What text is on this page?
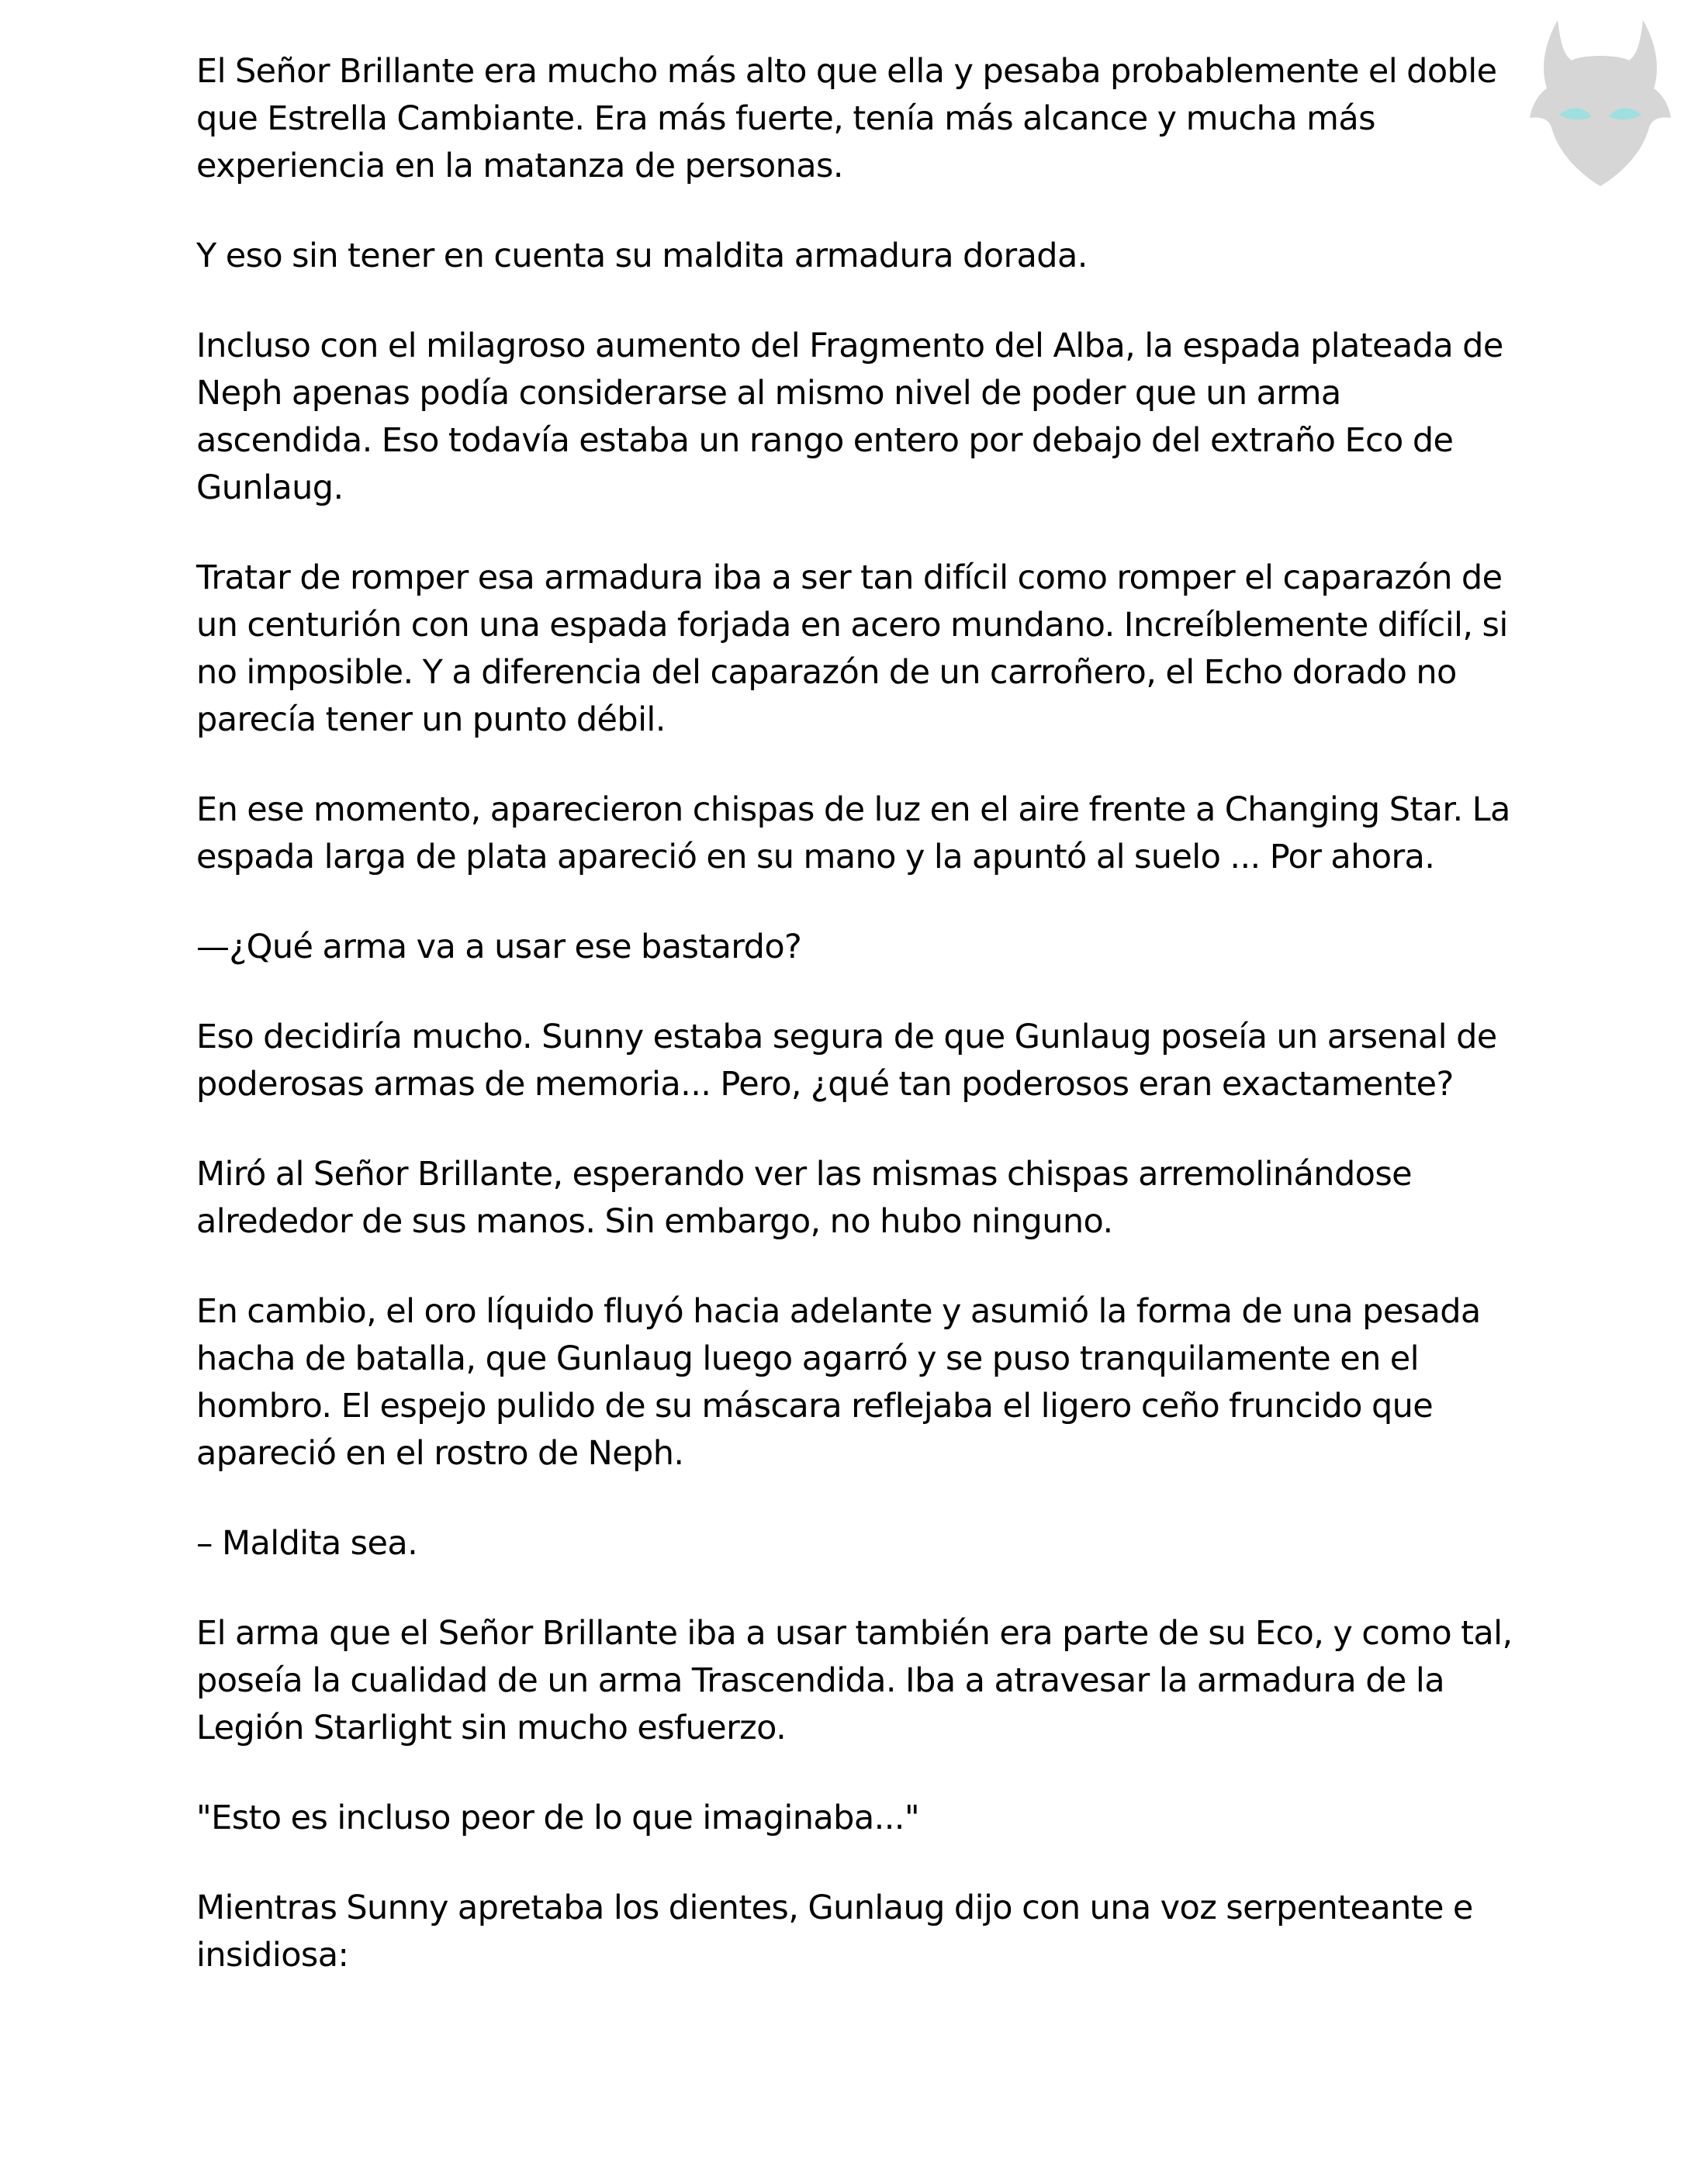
El Señor Brillante era mucho más alto que ella y pesaba probablemente el doble que Estrella Cambiante. Era más fuerte, tenía más alcance y mucha más experiencia en la matanza de personas.

Y eso sin tener en cuenta su maldita armadura dorada.

Incluso con el milagroso aumento del Fragmento del Alba, la espada plateada de Neph apenas podía considerarse al mismo nivel de poder que un arma ascendida. Eso todavía estaba un rango entero por debajo del extraño Eco de Gunlaug.

Tratar de romper esa armadura iba a ser tan difícil como romper el caparazón de un centurión con una espada forjada en acero mundano. Increíblemente difícil, si no imposible. Y a diferencia del caparazón de un carroñero, el Echo dorado no parecía tener un punto débil.

En ese momento, aparecieron chispas de luz en el aire frente a Changing Star. La espada larga de plata apareció en su mano y la apuntó al suelo ... Por ahora.

—¿Qué arma va a usar ese bastardo?

Eso decidiría mucho. Sunny estaba segura de que Gunlaug poseía un arsenal de poderosas armas de memoria... Pero, ¿qué tan poderosos eran exactamente?

Miró al Señor Brillante, esperando ver las mismas chispas arremolinándose alrededor de sus manos. Sin embargo, no hubo ninguno.

En cambio, el oro líquido fluyó hacia adelante y asumió la forma de una pesada hacha de batalla, que Gunlaug luego agarró y se puso tranquilamente en el hombro. El espejo pulido de su máscara reflejaba el ligero ceño fruncido que apareció en el rostro de Neph.

– Maldita sea.

El arma que el Señor Brillante iba a usar también era parte de su Eco, y como tal, poseía la cualidad de un arma Trascendida. Iba a atravesar la armadura de la Legión Starlight sin mucho esfuerzo.

"Esto es incluso peor de lo que imaginaba..."

Mientras Sunny apretaba los dientes, Gunlaug dijo con una voz serpenteante e insidiosa:
